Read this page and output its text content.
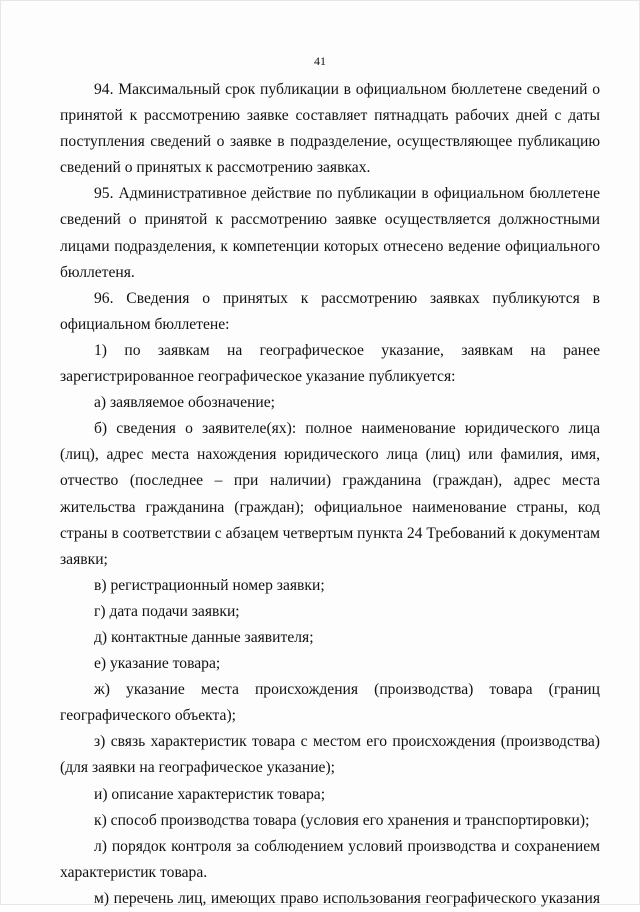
41

94. Максимальный срок публикации в официальном бюллетене сведений о принятой к рассмотрению заявке составляет пятнадцать рабочих дней с даты поступления сведений о заявке в подразделение, осуществляющее публикацию сведений о принятых к рассмотрению заявках.

95. Административное действие по публикации в официальном бюллетене сведений о принятой к рассмотрению заявке осуществляется должностными лицами подразделения, к компетенции которых отнесено ведение официального бюллетеня.

96. Сведения о принятых к рассмотрению заявках публикуются в официальном бюллетене:

1) по заявкам на географическое указание, заявкам на ранее зарегистрированное географическое указание публикуется:

а) заявляемое обозначение;

б) сведения о заявителе(ях): полное наименование юридического лица (лиц), адрес места нахождения юридического лица (лиц) или фамилия, имя, отчество (последнее – при наличии) гражданина (граждан), адрес места жительства гражданина (граждан); официальное наименование страны, код страны в соответствии с абзацем четвертым пункта 24 Требований к документам заявки;

в) регистрационный номер заявки;

г) дата подачи заявки;

д) контактные данные заявителя;

е) указание товара;

ж) указание места происхождения (производства) товара (границ географического объекта);

з) связь характеристик товара с местом его происхождения (производства) (для заявки на географическое указание);

и) описание характеристик товара;

к) способ производства товара (условия его хранения и транспортировки);

л) порядок контроля за соблюдением условий производства и сохранением характеристик товара.

м) перечень лиц, имеющих право использования географического указания
